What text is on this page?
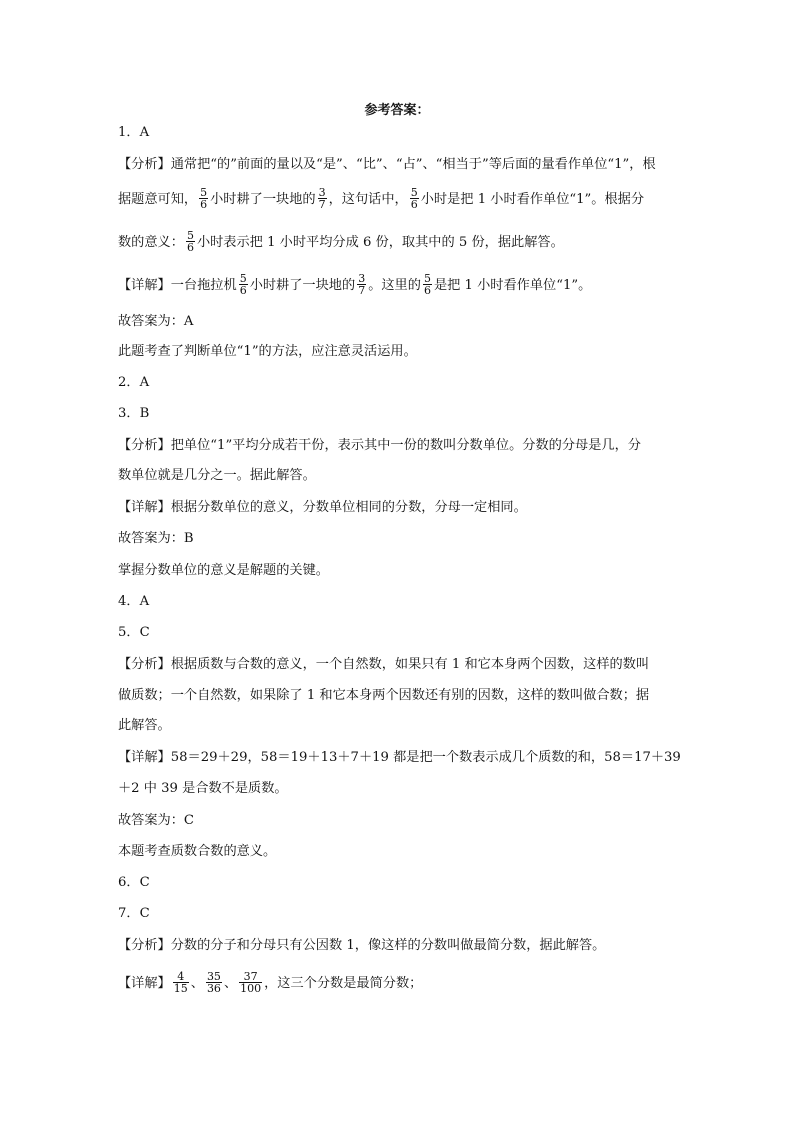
参考答案：
1．A
【分析】通常把“的”前面的量以及“是”、“比”、“占”、“相当于”等后面的量看作单位“1”，根
据题意可知， $\frac{5}{6}$ 小时耕了一块地的 $\frac{3}{7}$ ，这句话中， $\frac{5}{6}$ 小时是把 1 小时看作单位“1”。根据分
数的意义： $\frac{5}{6}$ 小时表示把 1 小时平均分成 6 份，取其中的 5 份，据此解答。
【详解】一台拖拉机 $\frac{5}{6}$ 小时耕了一块地的 $\frac{3}{7}$ 。这里的 $\frac{5}{6}$ 是把 1 小时看作单位“1”。
故答案为：A
此题考查了判断单位“1”的方法，应注意灵活运用。
2．A
3．B
【分析】把单位“1”平均分成若干份，表示其中一份的数叫分数单位。分数的分母是几，分
数单位就是几分之一。据此解答。
【详解】根据分数单位的意义，分数单位相同的分数，分母一定相同。
故答案为：B
掌握分数单位的意义是解题的关键。
4．A
5．C
【分析】根据质数与合数的意义，一个自然数，如果只有 1 和它本身两个因数，这样的数叫
做质数；一个自然数，如果除了 1 和它本身两个因数还有别的因数，这样的数叫做合数；据
此解答。
【详解】58＝29＋29，58＝19＋13＋7＋19 都是把一个数表示成几个质数的和，58＝17＋39
＋2 中 39 是合数不是质数。
故答案为：C
本题考查质数合数的意义。
6．C
7．C
【分析】分数的分子和分母只有公因数 1，像这样的分数叫做最简分数，据此解答。
【详解】 $\frac{4}{15}$ 、 $\frac{35}{36}$ 、 $\frac{37}{100}$ ，这三个分数是最简分数；
